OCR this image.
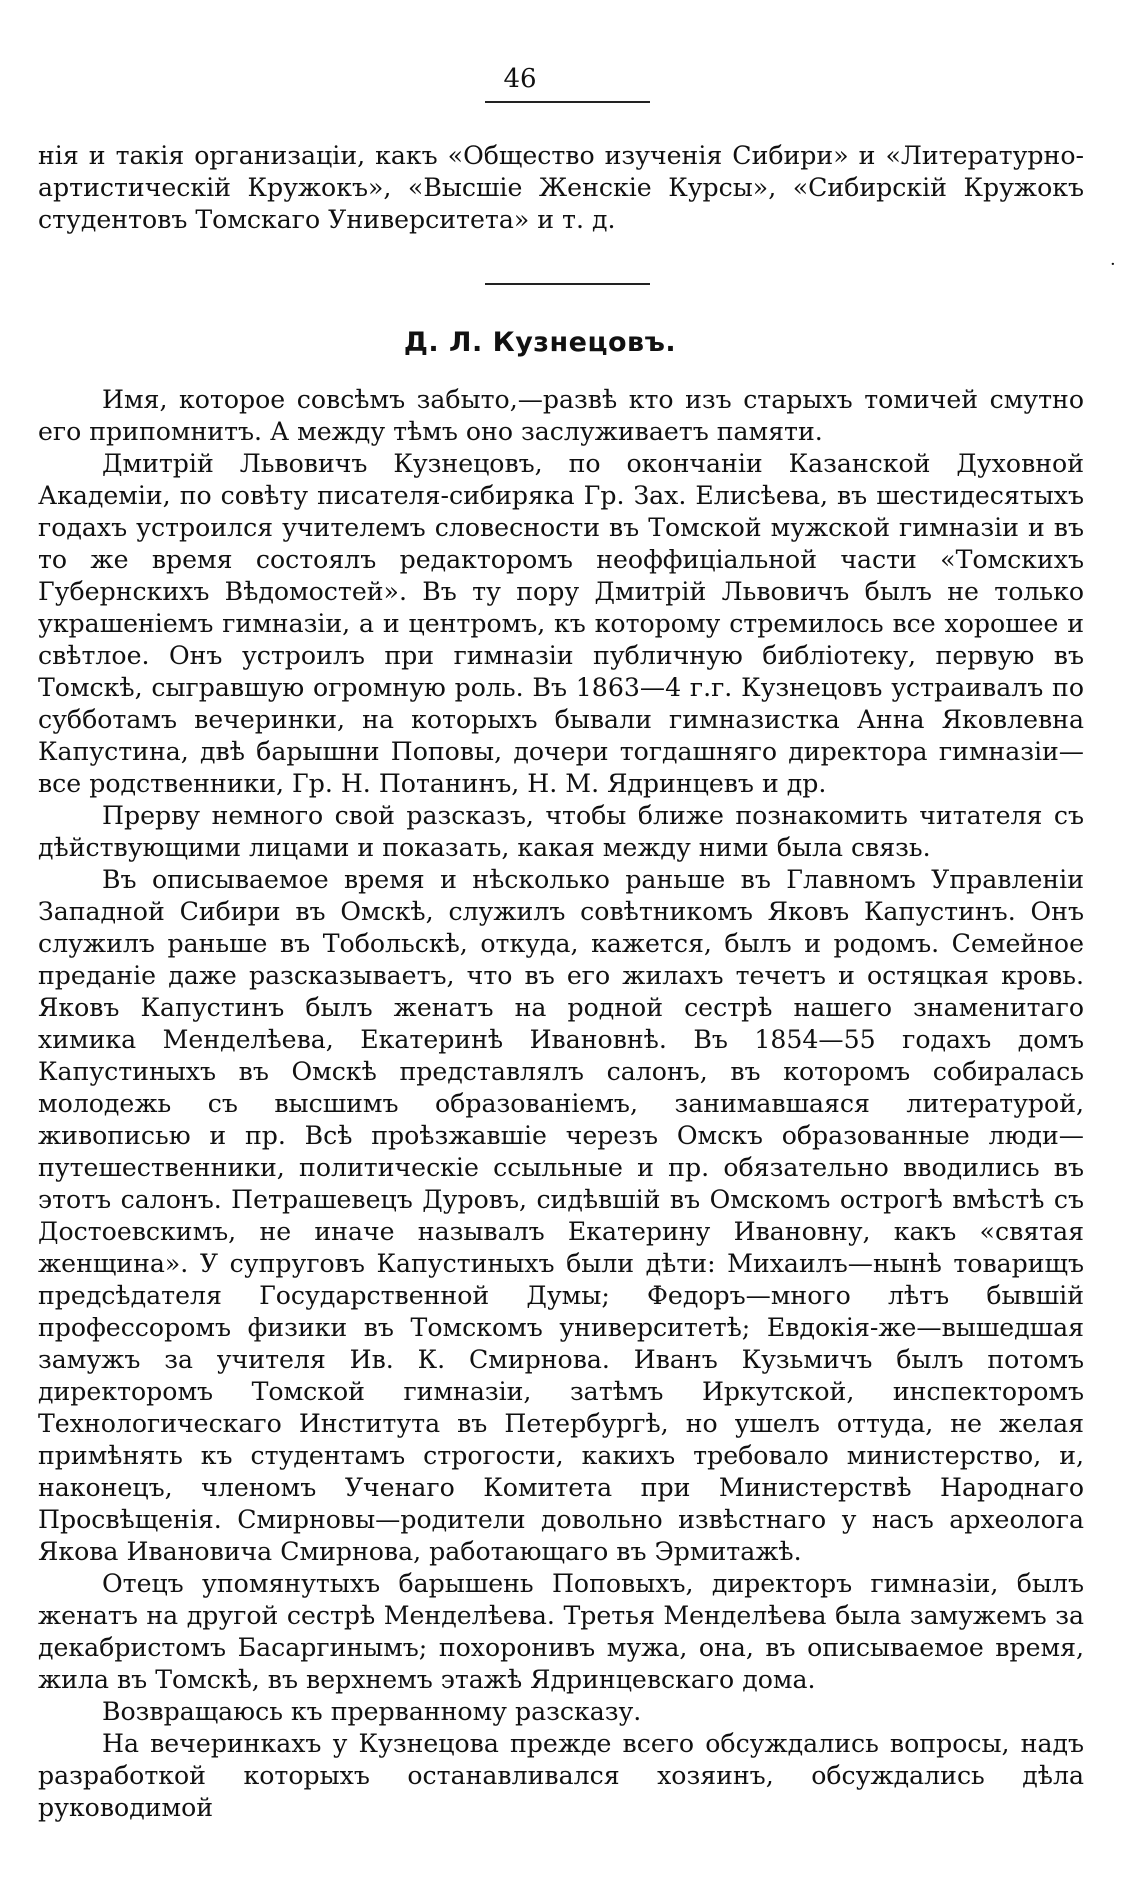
46

нія и такія организаціи, какъ «Общество изученія Сибири» и «Литературно-артистическій Кружокъ», «Высшіе Женскіе Курсы», «Сибирскій Кружокъ студентовъ Томскаго Университета» и т. д.

·
Д. Л. Кузнецовъ.

Имя, которое совсѣмъ забыто,—развѣ кто изъ старыхъ томичей смутно его припомнитъ. А между тѣмъ оно заслуживаетъ памяти.

Дмитрій Львовичъ Кузнецовъ, по окончаніи Казанской Духовной Академіи, по совѣту писателя-сибиряка Гр. Зах. Елисѣева, въ шестидесятыхъ годахъ устроился учителемъ словесности въ Томской мужской гимназіи и въ то же время состоялъ редакторомъ неоффиціальной части «Томскихъ Губернскихъ Вѣдомостей». Въ ту пору Дмитрій Львовичъ былъ не только украшеніемъ гимназіи, а и центромъ, къ которому стремилось все хорошее и свѣтлое. Онъ устроилъ при гимназіи публичную библіотеку, первую въ Томскѣ, сыгравшую огромную роль. Въ 1863—4 г.г. Кузнецовъ устраивалъ по субботамъ вечеринки, на которыхъ бывали гимназистка Анна Яковлевна Капустина, двѣ барышни Поповы, дочери тогдашняго директора гимназіи—все родственники, Гр. Н. Потанинъ, Н. М. Ядринцевъ и др.

Прерву немного свой разсказъ, чтобы ближе познакомить читателя съ дѣйствующими лицами и показать, какая между ними была связь.

Въ описываемое время и нѣсколько раньше въ Главномъ Управленіи Западной Сибири въ Омскѣ, служилъ совѣтникомъ Яковъ Капустинъ. Онъ служилъ раньше въ Тобольскѣ, откуда, кажется, былъ и родомъ. Семейное преданіе даже разсказываетъ, что въ его жилахъ течетъ и остяцкая кровь. Яковъ Капустинъ былъ женатъ на родной сестрѣ нашего знаменитаго химика Менделѣева, Екатеринѣ Ивановнѣ. Въ 1854—55 годахъ домъ Капустиныхъ въ Омскѣ представлялъ салонъ, въ которомъ собиралась молодежь съ высшимъ образованіемъ, занимавшаяся литературой, живописью и пр. Всѣ проѣзжавшіе черезъ Омскъ образованные люди—путешественники, политическіе ссыльные и пр. обязательно вводились въ этотъ салонъ. Петрашевецъ Дуровъ, сидѣвшій въ Омскомъ острогѣ вмѣстѣ съ Достоевскимъ, не иначе называлъ Екатерину Ивановну, какъ «святая женщина». У супруговъ Капустиныхъ были дѣти: Михаилъ—нынѣ товарищъ предсѣдателя Государственной Думы; Федоръ—много лѣтъ бывшій профессоромъ физики въ Томскомъ университетѣ; Евдокія-же—вышедшая замужъ за учителя Ив. К. Смирнова. Иванъ Кузьмичъ былъ потомъ директоромъ Томской гимназіи, затѣмъ Иркутской, инспекторомъ Технологическаго Института въ Петербургѣ, но ушелъ оттуда, не желая примѣнять къ студентамъ строгости, какихъ требовало министерство, и, наконецъ, членомъ Ученаго Комитета при Министерствѣ Народнаго Просвѣщенія. Смирновы—родители довольно извѣстнаго у насъ археолога Якова Ивановича Смирнова, работающаго въ Эрмитажѣ.

Отецъ упомянутыхъ барышень Поповыхъ, директоръ гимназіи, былъ женатъ на другой сестрѣ Менделѣева. Третья Менделѣева была замужемъ за декабристомъ Басаргинымъ; похоронивъ мужа, она, въ описываемое время, жила въ Томскѣ, въ верхнемъ этажѣ Ядринцевскаго дома.

Возвращаюсь къ прерванному разсказу.

На вечеринкахъ у Кузнецова прежде всего обсуждались вопросы, надъ разработкой которыхъ останавливался хозяинъ, обсуждались дѣла руководимой
